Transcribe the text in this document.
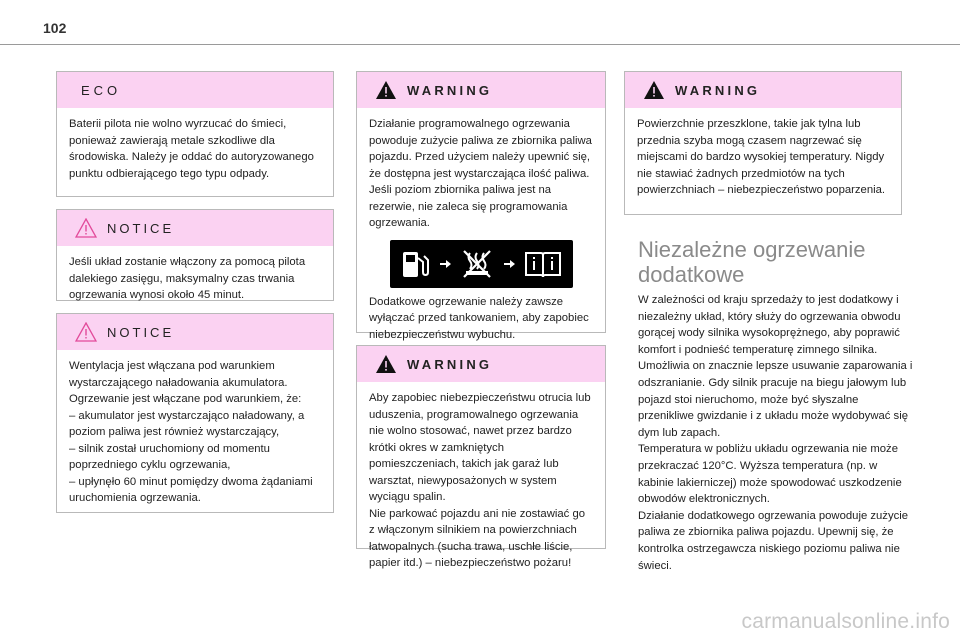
102
ECO
Baterii pilota nie wolno wyrzucać do śmieci, ponieważ zawierają metale szkodliwe dla środowiska. Należy je oddać do autoryzowanego punktu odbierającego tego typu odpady.
NOTICE
Jeśli układ zostanie włączony za pomocą pilota dalekiego zasięgu, maksymalny czas trwania ogrzewania wynosi około 45 minut.
NOTICE
Wentylacja jest włączana pod warunkiem wystarczającego naładowania akumulatora.
Ogrzewanie jest włączane pod warunkiem, że:
– akumulator jest wystarczająco naładowany, a poziom paliwa jest również wystarczający,
– silnik został uruchomiony od momentu poprzedniego cyklu ogrzewania,
– upłynęło 60 minut pomiędzy dwoma żądaniami uruchomienia ogrzewania.
WARNING
Działanie programowalnego ogrzewania powoduje zużycie paliwa ze zbiornika paliwa pojazdu. Przed użyciem należy upewnić się, że dostępna jest wystarczająca ilość paliwa. Jeśli poziom zbiornika paliwa jest na rezerwie, nie zaleca się programowania ogrzewania.
Dodatkowe ogrzewanie należy zawsze wyłączać przed tankowaniem, aby zapobiec niebezpieczeństwu wybuchu.
WARNING
Aby zapobiec niebezpieczeństwu otrucia lub uduszenia, programowalnego ogrzewania nie wolno stosować, nawet przez bardzo krótki okres w zamkniętych pomieszczeniach, takich jak garaż lub warsztat, niewyposażonych w system wyciągu spalin.
Nie parkować pojazdu ani nie zostawiać go z włączonym silnikiem na powierzchniach łatwopalnych (sucha trawa, uschłe liście, papier itd.) – niebezpieczeństwo pożaru!
WARNING
Powierzchnie przeszklone, takie jak tylna lub przednia szyba mogą czasem nagrzewać się miejscami do bardzo wysokiej temperatury. Nigdy nie stawiać żadnych przedmiotów na tych powierzchniach – niebezpieczeństwo poparzenia.
Niezależne ogrzewanie dodatkowe
W zależności od kraju sprzedaży to jest dodatkowy i niezależny układ, który służy do ogrzewania obwodu gorącej wody silnika wysokoprężnego, aby poprawić komfort i podnieść temperaturę zimnego silnika.
Umożliwia on znacznie lepsze usuwanie zaparowania i odszranianie. Gdy silnik pracuje na biegu jałowym lub pojazd stoi nieruchomo, może być słyszalne przenikliwe gwizdanie i z układu może wydobywać się dym lub zapach.
Temperatura w pobliżu układu ogrzewania nie może przekraczać 120°C. Wyższa temperatura (np. w kabinie lakierniczej) może spowodować uszkodzenie obwodów elektronicznych.
Działanie dodatkowego ogrzewania powoduje zużycie paliwa ze zbiornika paliwa pojazdu. Upewnij się, że kontrolka ostrzegawcza niskiego poziomu paliwa nie świeci.
carmanualsonline.info
